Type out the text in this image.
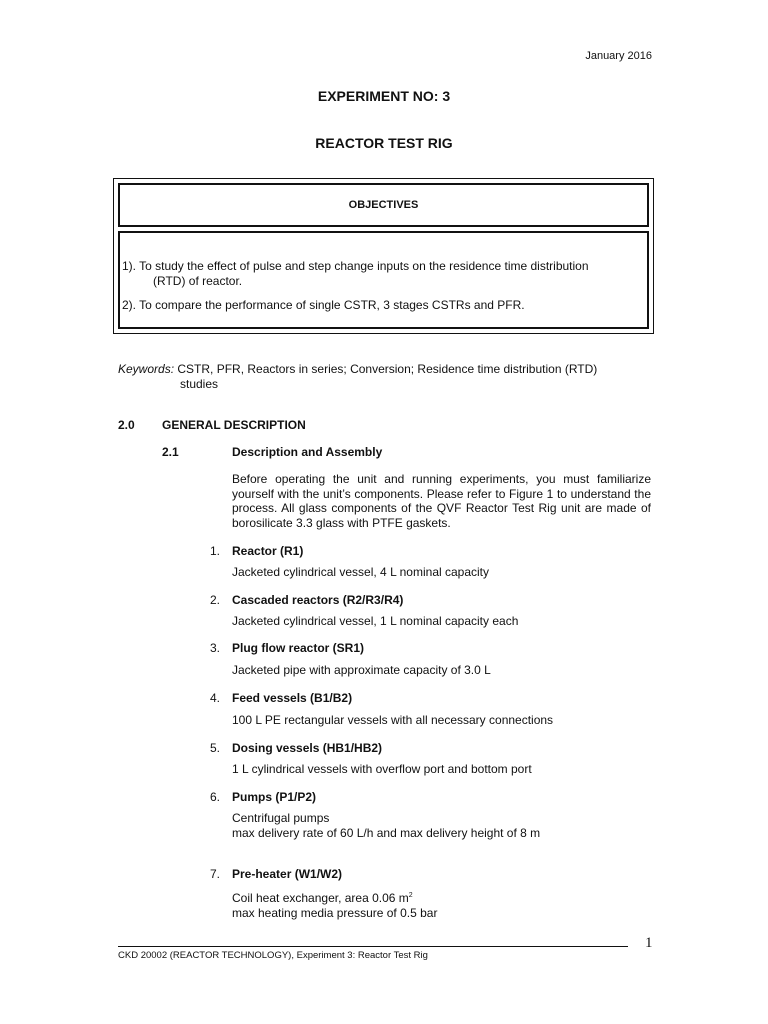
January 2016
EXPERIMENT NO: 3
REACTOR TEST RIG
OBJECTIVES
1). To study the effect of pulse and step change inputs on the residence time distribution
(RTD) of reactor.
2). To compare the performance of single CSTR, 3 stages CSTRs and PFR.
Keywords: CSTR, PFR, Reactors in series; Conversion; Residence time distribution (RTD)
studies
2.0 GENERAL DESCRIPTION
2.1	Description and Assembly
Before operating the unit and running experiments, you must familiarize yourself with the unit’s components. Please refer to Figure 1 to understand the process. All glass components of the QVF Reactor Test Rig unit are made of borosilicate 3.3 glass with PTFE gaskets.
1. Reactor (R1)
Jacketed cylindrical vessel, 4 L nominal capacity
2. Cascaded reactors (R2/R3/R4)
Jacketed cylindrical vessel, 1 L nominal capacity each
3. Plug flow reactor (SR1)
Jacketed pipe with approximate capacity of 3.0 L
4. Feed vessels (B1/B2)
100 L PE rectangular vessels with all necessary connections
5. Dosing vessels (HB1/HB2)
1 L cylindrical vessels with overflow port and bottom port
6. Pumps (P1/P2)
Centrifugal pumps
max delivery rate of 60 L/h and max delivery height of 8 m
7. Pre-heater (W1/W2)
Coil heat exchanger, area 0.06 $m^2$
max heating media pressure of 0.5 bar
1
CKD 20002 (REACTOR TECHNOLOGY), Experiment 3: Reactor Test Rig
